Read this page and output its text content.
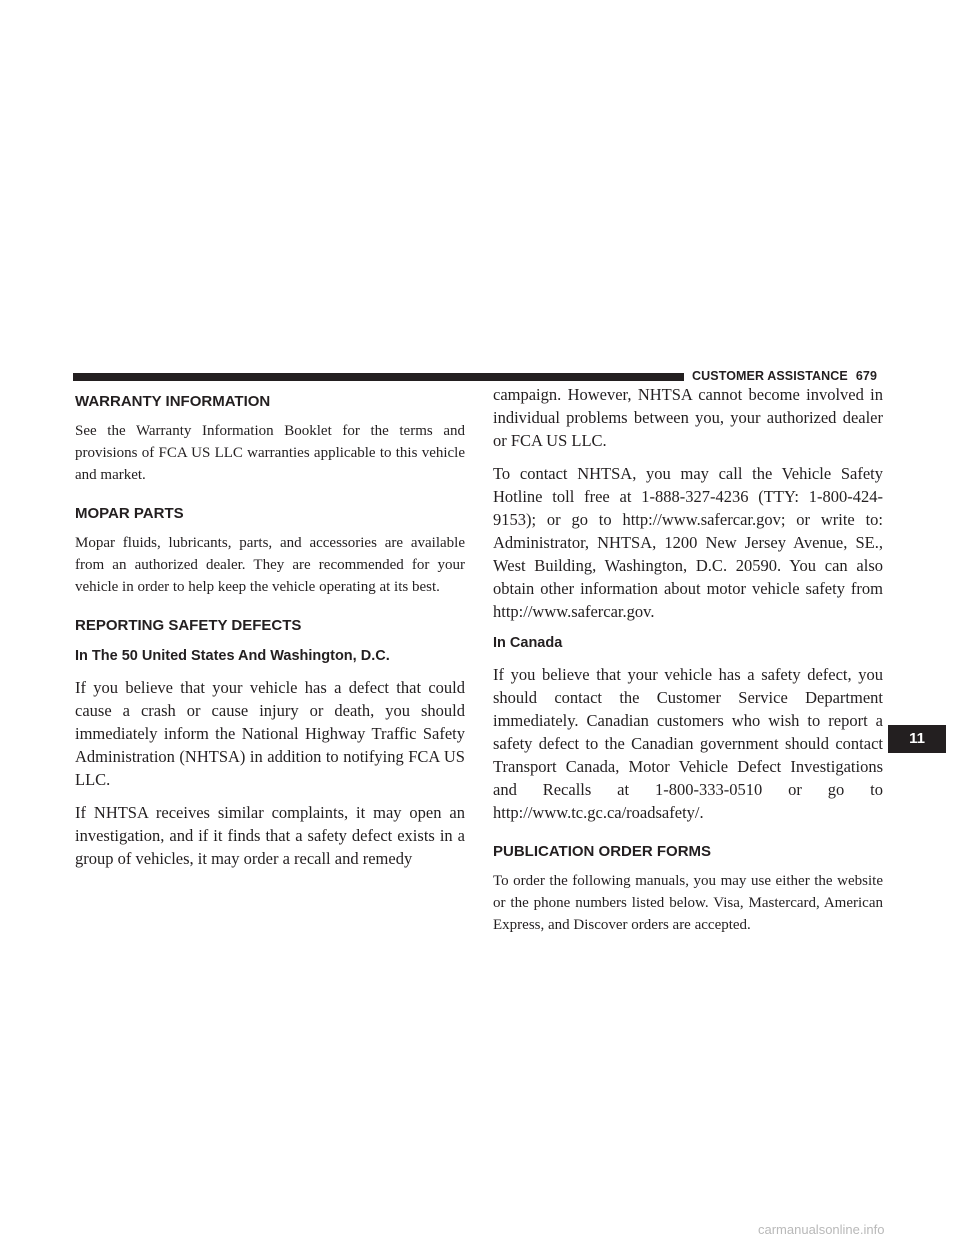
CUSTOMER ASSISTANCE 679
WARRANTY INFORMATION

See the Warranty Information Booklet for the terms and provisions of FCA US LLC warranties applicable to this vehicle and market.

MOPAR PARTS

Mopar fluids, lubricants, parts, and accessories are available from an authorized dealer. They are recommended for your vehicle in order to help keep the vehicle operating at its best.

REPORTING SAFETY DEFECTS
In The 50 United States And Washington, D.C.

If you believe that your vehicle has a defect that could cause a crash or cause injury or death, you should immediately inform the National Highway Traffic Safety Administration (NHTSA) in addition to notifying FCA US LLC.

If NHTSA receives similar complaints, it may open an investigation, and if it finds that a safety defect exists in a group of vehicles, it may order a recall and remedy

campaign. However, NHTSA cannot become involved in individual problems between you, your authorized dealer or FCA US LLC.

To contact NHTSA, you may call the Vehicle Safety Hotline toll free at 1-888-327-4236 (TTY: 1-800-424-9153); or go to http://www.safercar.gov; or write to: Administrator, NHTSA, 1200 New Jersey Avenue, SE., West Building, Washington, D.C. 20590. You can also obtain other information about motor vehicle safety from http://www.safercar.gov.

In Canada

If you believe that your vehicle has a safety defect, you should contact the Customer Service Department immediately. Canadian customers who wish to report a safety defect to the Canadian government should contact Transport Canada, Motor Vehicle Defect Investigations and Recalls at 1-800-333-0510 or go to http://www.tc.gc.ca/roadsafety/.

PUBLICATION ORDER FORMS

To order the following manuals, you may use either the website or the phone numbers listed below. Visa, Mastercard, American Express, and Discover orders are accepted.

11
carmanualsonline.info
